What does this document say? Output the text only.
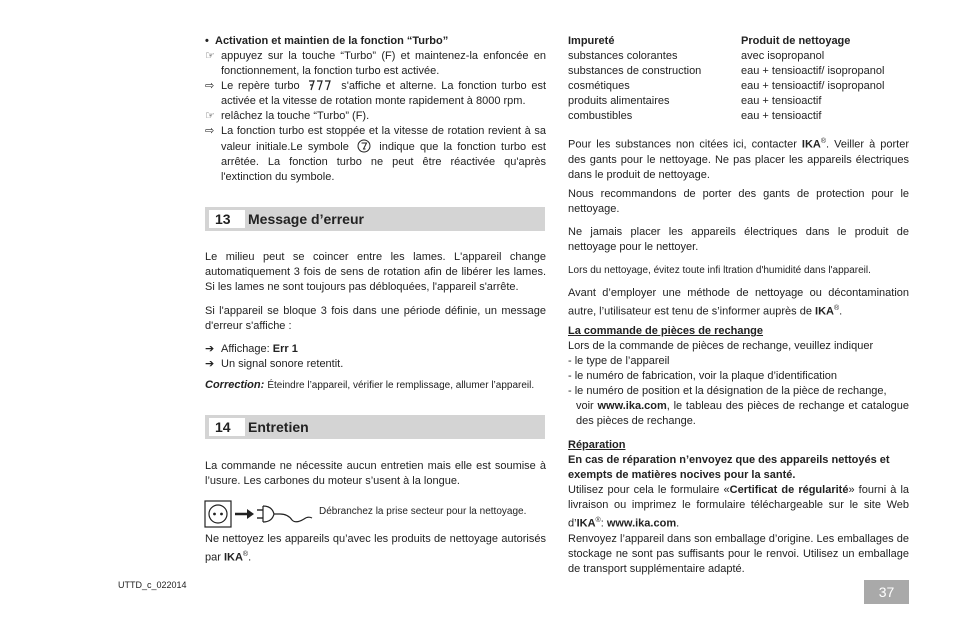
• Activation et maintien de la fonction “Turbo”
☞ appuyez sur la touche “Turbo” (F) et maintenez-la enfoncée en fonctionnement, la fonction turbo est activée.
⇨ Le repère turbo	s'affiche et alterne. La fonction turbo est activée et la vitesse de rotation monte rapidement à 8000 rpm.
☞ relâchez la touche “Turbo” (F).
⇨ La fonction turbo est stoppée et la vitesse de rotation revient à sa valeur initiale.Le symbole	indique que la fonction turbo est arrêtée. La fonction turbo ne peut être réactivée qu'après l'extinction du symbole.
13	Message d’erreur
Le milieu peut se coincer entre les lames. L'appareil change automatiquement 3 fois de sens de rotation afin de libérer les lames. Si les lames ne sont toujours pas débloquées, l'appareil s'arrête.
Si l'appareil se bloque 3 fois dans une période définie, un message d'erreur s'affiche :
➔ Affichage: Err 1
➔ Un signal sonore retentit.
Correction: Éteindre l’appareil, vérifier le remplissage, allumer l’appareil.
14	Entretien
La commande ne nécessite aucun entretien mais elle est soumise à l’usure. Les carbones du moteur s’usent à la longue.
Débranchez la prise secteur pour la nettoyage.
Ne nettoyez les appareils qu’avec les produits de nettoyage autorisés par IKA®.
Impureté	Produit de nettoyage
substances colorantes	avec isopropanol
substances de construction	eau + tensioactif/ isopropanol
cosmétiques	eau + tensioactif/ isopropanol
produits alimentaires	eau + tensioactif
combustibles	eau + tensioactif
Pour les substances non citées ici, contacter IKA®. Veiller à porter des gants pour le nettoyage. Ne pas placer les appareils électriques dans le produit de nettoyage.
Nous recommandons de porter des gants de protection pour le nettoyage.
Ne jamais placer les appareils électriques dans le produit de nettoyage pour le nettoyer.
Lors du nettoyage, évitez toute infi ltration d'humidité dans l'appareil.
Avant d’employer une méthode de nettoyage ou décontamination autre, l’utilisateur est tenu de s’informer auprès de IKA®.
La commande de pièces de rechange
Lors de la commande de pièces de rechange, veuillez indiquer
- le type de l’appareil
- le numéro de fabrication, voir la plaque d’identification
- le numéro de position et la désignation de la pièce de rechange,
voir www.ika.com, le tableau des pièces de rechange et catalogue des pièces de rechange.
Réparation
En cas de réparation n’envoyez que des appareils nettoyés et exempts de matières nocives pour la santé.
Utilisez pour cela le formulaire «Certificat de régularité» fourni à la livraison ou imprimez le formulaire téléchargeable sur le site Web d’IKA®: www.ika.com.
Renvoyez l’appareil dans son emballage d’origine. Les emballages de stockage ne sont pas suffisants pour le renvoi. Utilisez un emballage de transport supplémentaire adapté.
UTTD_c_022014	37
